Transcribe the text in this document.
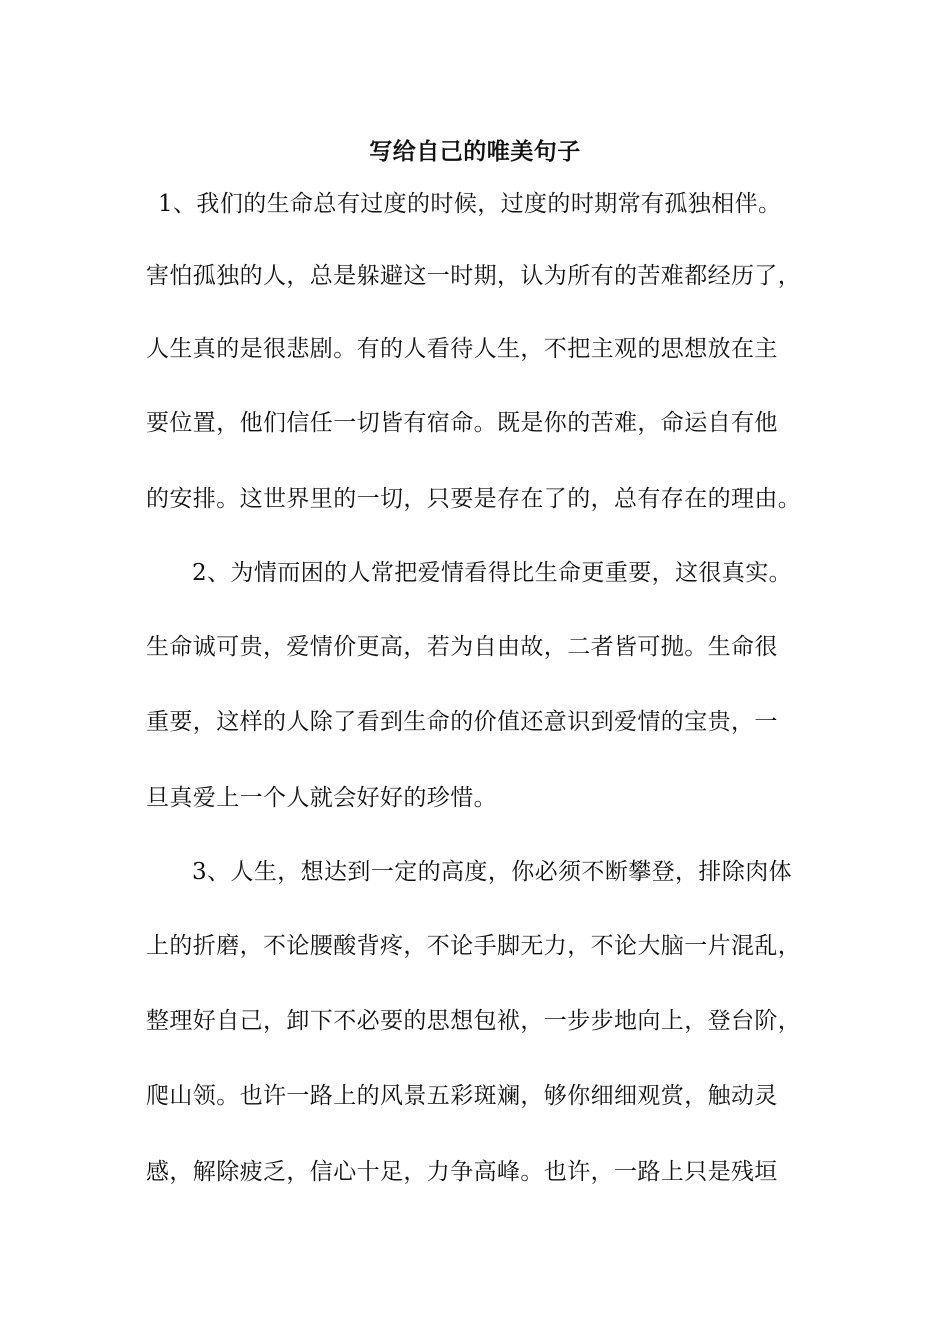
写给自己的唯美句子
1、我们的生命总有过度的时候，过度的时期常有孤独相伴。
害怕孤独的人，总是躲避这一时期，认为所有的苦难都经历了，
人生真的是很悲剧。有的人看待人生，不把主观的思想放在主
要位置，他们信任一切皆有宿命。既是你的苦难，命运自有他
的安排。这世界里的一切，只要是存在了的，总有存在的理由。
2、为情而困的人常把爱情看得比生命更重要，这很真实。
生命诚可贵，爱情价更高，若为自由故，二者皆可抛。生命很
重要，这样的人除了看到生命的价值还意识到爱情的宝贵，一
旦真爱上一个人就会好好的珍惜。
3、人生，想达到一定的高度，你必须不断攀登，排除肉体
上的折磨，不论腰酸背疼，不论手脚无力，不论大脑一片混乱，
整理好自己，卸下不必要的思想包袱，一步步地向上，登台阶，
爬山领。也许一路上的风景五彩斑斓，够你细细观赏，触动灵
感，解除疲乏，信心十足，力争高峰。也许，一路上只是残垣
